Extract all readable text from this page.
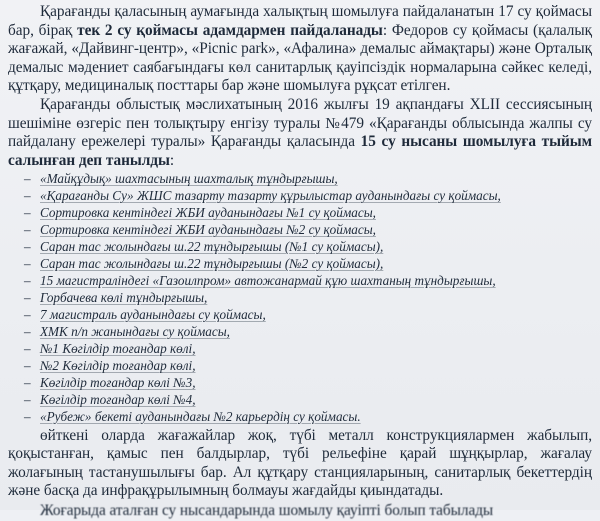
Қарағанды қаласының аумағында халықтың шомылуға пайдаланатын 17 су қоймасы бар, бірақ тек 2 су қоймасы адамдармен пайдаланады: Федоров су қоймасы (қалалық жағажай, «Дайвинг-центр», «Picnic park», «Афалина» демалыс аймақтары) және Орталық демалыс мәдениет саябағындағы көл санитарлық қауіпсіздік нормаларына сәйкес келеді, құтқару, медициналық посттары бар және шомылуға рұқсат етілген.

Қарағанды облыстық мәслихатының 2016 жылғы 19 ақпандағы XLII сессиясының шешіміне өзгеріс пен толықтыру енгізу туралы №479 «Қарағанды облысында жалпы су пайдалану ережелері туралы» Қарағанды қаласында 15 су нысаны шомылуға тыйым салынған деп танылды:

– «Майқұдық» шахтасының шахталық тұндырғышы,
– «Қарағанды Су» ЖШС тазарту тазарту құрылыстар ауданындағы су қоймасы,
– Сортировка кентіндегі ЖБИ ауданындағы №1 су қоймасы,
– Сортировка кентіндегі ЖБИ ауданындағы №2 су қоймасы,
– Саран тас жолындағы ш.22 тұндырғышы (№1 су қоймасы),
– Саран тас жолындағы ш.22 тұндырғышы (№2 су қоймасы),
– 15 магистраліндегі «Газоилпром» автожанармай құю шахтаның тұндырғышы,
– Горбачева көлі тұндырғышы,
– 7 магистраль ауданындағы су қоймасы,
– ХМК п/п жанындағы су қоймасы,
– №1 Көгілдір тоғандар көлі,
– №2 Көгілдір тоғандар көлі,
– Көгілдір тоғандар көлі №3,
– Көгілдір тоғандар көлі №4,
– «Рубеж» бекеті ауданындағы №2 карьердің су қоймасы.

өйткені оларда жағажайлар жоқ, түбі металл конструкциялармен жабылып, қоқыстанған, қамыс пен балдырлар, түбі рельефіне қарай шұңқырлар, жағалау жолағының тастанушылығы бар. Ал құтқару станцияларының, санитарлық бекеттердің және басқа да инфрақұрылымның болмауы жағдайды қиындатады.

Жоғарыда аталған су нысандарында шомылу қауіпті болып табылады
